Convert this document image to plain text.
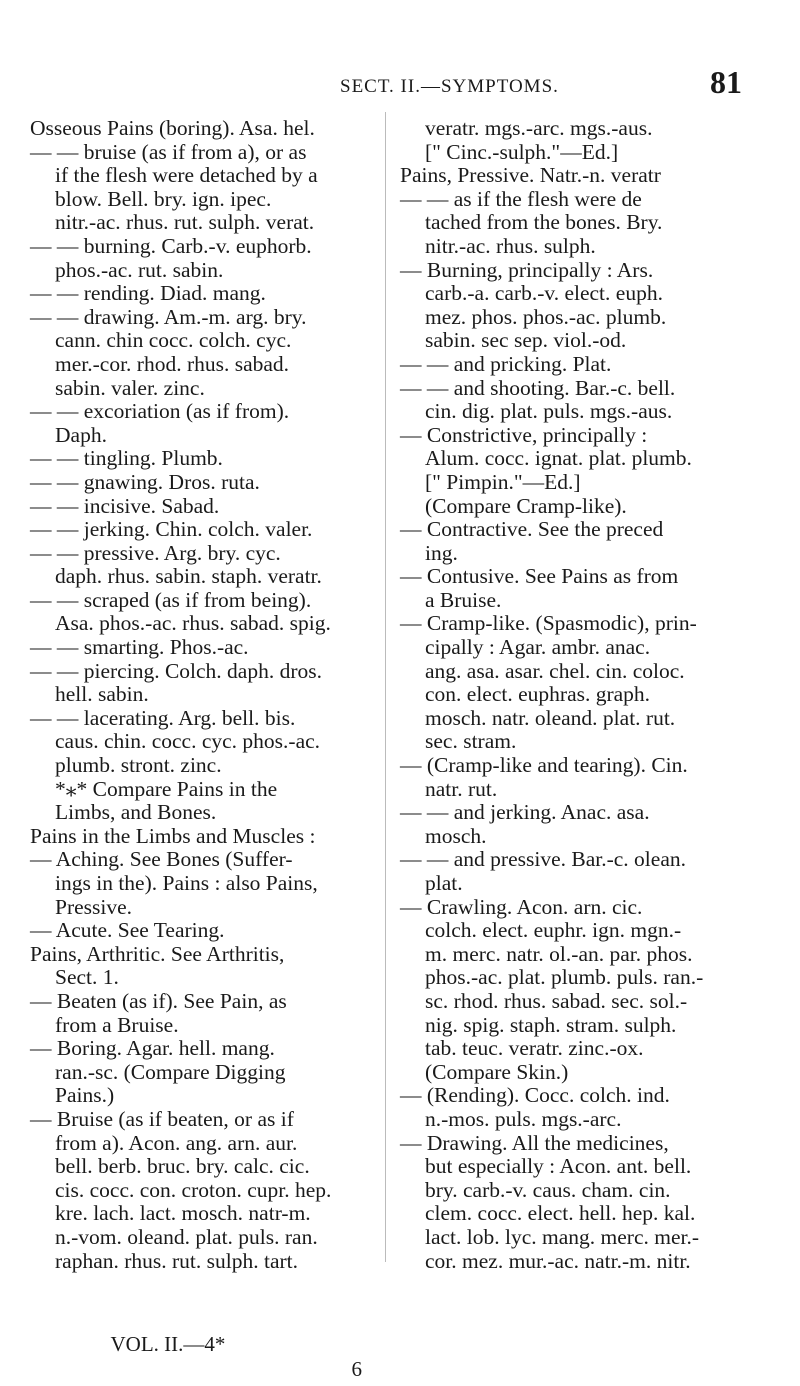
SECT. II.—SYMPTOMS.	81
Osseous Pains (boring). Asa. hel.
— — bruise (as if from a), or as
if the flesh were detached by a
blow. Bell. bry. ign. ipec.
nitr.-ac. rhus. rut. sulph. verat.
— — burning. Carb.-v. euphorb.
phos.-ac. rut. sabin.
— — rending. Diad. mang.
— — drawing. Am.-m. arg. bry.
cann. chin cocc. colch. cyc.
mer.-cor. rhod. rhus. sabad.
sabin. valer. zinc.
— — excoriation (as if from).
Daph.
— — tingling. Plumb.
— — gnawing. Dros. ruta.
— — incisive. Sabad.
— — jerking. Chin. colch. valer.
— — pressive. Arg. bry. cyc.
daph. rhus. sabin. staph. veratr.
— — scraped (as if from being).
Asa. phos.-ac. rhus. sabad. spig.
— — smarting. Phos.-ac.
— — piercing. Colch. daph. dros.
hell. sabin.
— — lacerating. Arg. bell. bis.
caus. chin. cocc. cyc. phos.-ac.
plumb. stront. zinc.
*⁎* Compare Pains in the
Limbs, and Bones.
Pains in the Limbs and Muscles :
— Aching. See Bones (Suffer-
ings in the). Pains : also Pains,
Pressive.
— Acute. See Tearing.
Pains, Arthritic. See Arthritis,
Sect. 1.
— Beaten (as if). See Pain, as
from a Bruise.
— Boring. Agar. hell. mang.
ran.-sc. (Compare Digging
Pains.)
— Bruise (as if beaten, or as if
from a). Acon. ang. arn. aur.
bell. berb. bruc. bry. calc. cic.
cis. cocc. con. croton. cupr. hep.
kre. lach. lact. mosch. natr-m.
n.-vom. oleand. plat. puls. ran.
raphan. rhus. rut. sulph. tart.
veratr. mgs.-arc. mgs.-aus.
[" Cinc.-sulph."—Ed.]
Pains, Pressive. Natr.-n. veratr
— — as if the flesh were de
tached from the bones. Bry.
nitr.-ac. rhus. sulph.
— Burning, principally : Ars.
carb.-a. carb.-v. elect. euph.
mez. phos. phos.-ac. plumb.
sabin. sec sep. viol.-od.
— — and pricking. Plat.
— — and shooting. Bar.-c. bell.
cin. dig. plat. puls. mgs.-aus.
— Constrictive, principally :
Alum. cocc. ignat. plat. plumb.
[" Pimpin."—Ed.]
(Compare Cramp-like).
— Contractive. See the preced
ing.
— Contusive. See Pains as from
a Bruise.
— Cramp-like. (Spasmodic), prin-
cipally : Agar. ambr. anac.
ang. asa. asar. chel. cin. coloc.
con. elect. euphras. graph.
mosch. natr. oleand. plat. rut.
sec. stram.
— (Cramp-like and tearing). Cin.
natr. rut.
— — and jerking. Anac. asa.
mosch.
— — and pressive. Bar.-c. olean.
plat.
— Crawling. Acon. arn. cic.
colch. elect. euphr. ign. mgn.-
m. merc. natr. ol.-an. par. phos.
phos.-ac. plat. plumb. puls. ran.-
sc. rhod. rhus. sabad. sec. sol.-
nig. spig. staph. stram. sulph.
tab. teuc. veratr. zinc.-ox.
(Compare Skin.)
— (Rending). Cocc. colch. ind.
n.-mos. puls. mgs.-arc.
— Drawing. All the medicines,
but especially : Acon. ant. bell.
bry. carb.-v. caus. cham. cin.
clem. cocc. elect. hell. hep. kal.
lact. lob. lyc. mang. merc. mer.-
cor. mez. mur.-ac. natr.-m. nitr.

VOL. II.—4*

6
